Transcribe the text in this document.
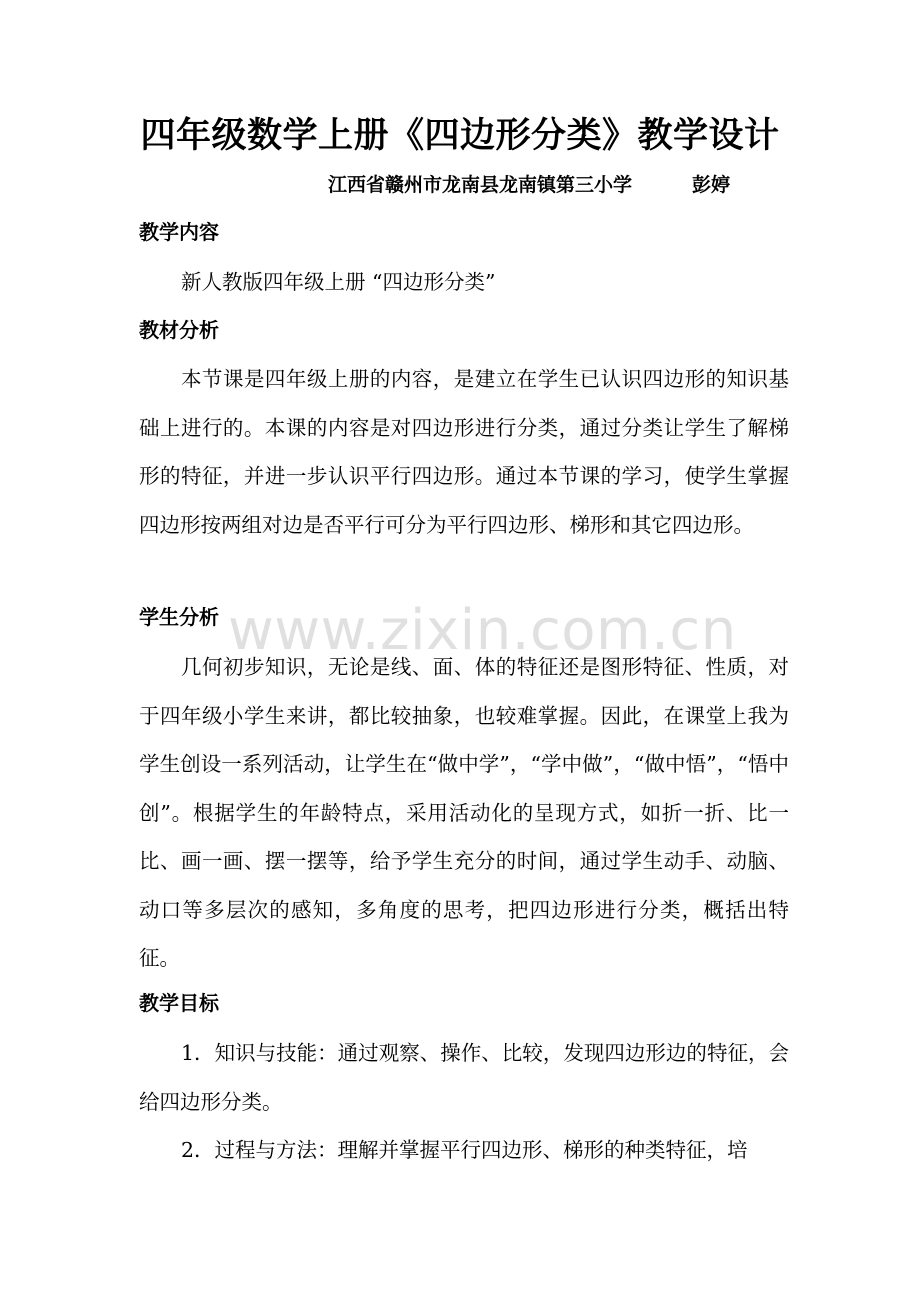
四年级数学上册《四边形分类》教学设计
江西省赣州市龙南县龙南镇第三小学	彭婷
教学内容

新人教版四年级上册 “四边形分类”

教材分析

本节课是四年级上册的内容，是建立在学生已认识四边形的知识基础上进行的。本课的内容是对四边形进行分类，通过分类让学生了解梯形的特征，并进一步认识平行四边形。通过本节课的学习，使学生掌握四边形按两组对边是否平行可分为平行四边形、梯形和其它四边形。

学生分析

几何初步知识，无论是线、面、体的特征还是图形特征、性质，对于四年级小学生来讲，都比较抽象，也较难掌握。因此，在课堂上我为学生创设一系列活动，让学生在“做中学”，“学中做”，“做中悟”，“悟中创”。根据学生的年龄特点，采用活动化的呈现方式，如折一折、比一比、画一画、摆一摆等，给予学生充分的时间，通过学生动手、动脑、动口等多层次的感知，多角度的思考，把四边形进行分类，概括出特征。

教学目标

1．知识与技能：通过观察、操作、比较，发现四边形边的特征，会给四边形分类。

2．过程与方法：理解并掌握平行四边形、梯形的种类特征，培

www.zixin.com.cn
